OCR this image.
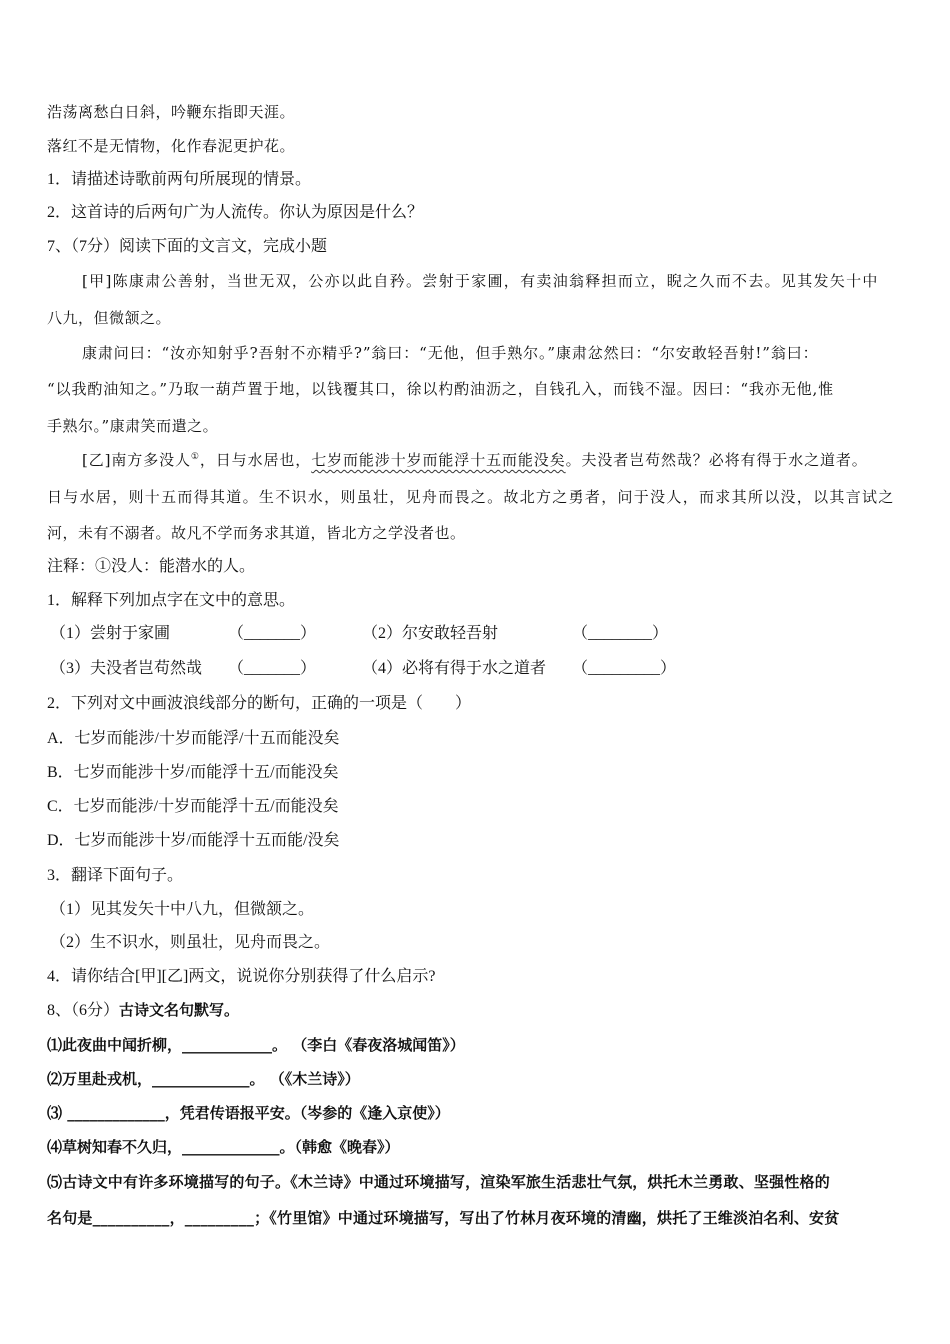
浩荡离愁白日斜，吟鞭东指即天涯。
落红不是无情物，化作春泥更护花。
1．请描述诗歌前两句所展现的情景。
2．这首诗的后两句广为人流传。你认为原因是什么？
7、（7分）阅读下面的文言文，完成小题
[甲]陈康肃公善射，当世无双，公亦以此自矜。尝射于家圃，有卖油翁释担而立，睨之久而不去。见其发矢十中
八九，但微颔之。
康肃问曰：“汝亦知射乎?吾射不亦精乎?”翁曰：“无他，但手熟尔。”康肃忿然曰：“尔安敢轻吾射!”翁曰：
“以我酌油知之。”乃取一葫芦置于地，以钱覆其口，徐以杓酌油沥之，自钱孔入，而钱不湿。因曰：“我亦无他,惟
手熟尔。”康肃笑而遣之。
[乙]南方多没人①，日与水居也，七岁而能涉十岁而能浮十五而能没矣。夫没者岂苟然哉？必将有得于水之道者。
日与水居，则十五而得其道。生不识水，则虽壮，见舟而畏之。故北方之勇者，问于没人，而求其所以没，以其言试之
河，未有不溺者。故凡不学而务求其道，皆北方之学没者也。
注释：①没人：能潜水的人。
1．解释下列加点字在文中的意思。
（1）尝射于家圃	（_______）	（2）尔安敢轻吾射	（________）
（3）夫没者岂苟然哉 （_______）	（4）必将有得于水之道者 （_________）
2．下列对文中画波浪线部分的断句，正确的一项是（　　）
A．七岁而能涉/十岁而能浮/十五而能没矣
B．七岁而能涉十岁/而能浮十五/而能没矣
C．七岁而能涉/十岁而能浮十五/而能没矣
D．七岁而能涉十岁/而能浮十五而能/没矣
3．翻译下面句子。
（1）见其发矢十中八九，但微颔之。
（2）生不识水，则虽壮，见舟而畏之。
4．请你结合[甲][乙]两文，说说你分别获得了什么启示?
8、（6分）古诗文名句默写。
⑴此夜曲中闻折柳，____________。 （李白《春夜洛城闻笛》）
⑵万里赴戎机，_____________。 （《木兰诗》）
⑶ _____________，凭君传语报平安。（岑参的《逢入京使》）
⑷草树知春不久归，_____________。（韩愈《晚春》）
⑸古诗文中有许多环境描写的句子。《木兰诗》中通过环境描写，渲染军旅生活悲壮气氛，烘托木兰勇敢、坚强性格的
名句是__________，_________；《竹里馆》中通过环境描写，写出了竹林月夜环境的清幽，烘托了王维淡泊名利、安贫
